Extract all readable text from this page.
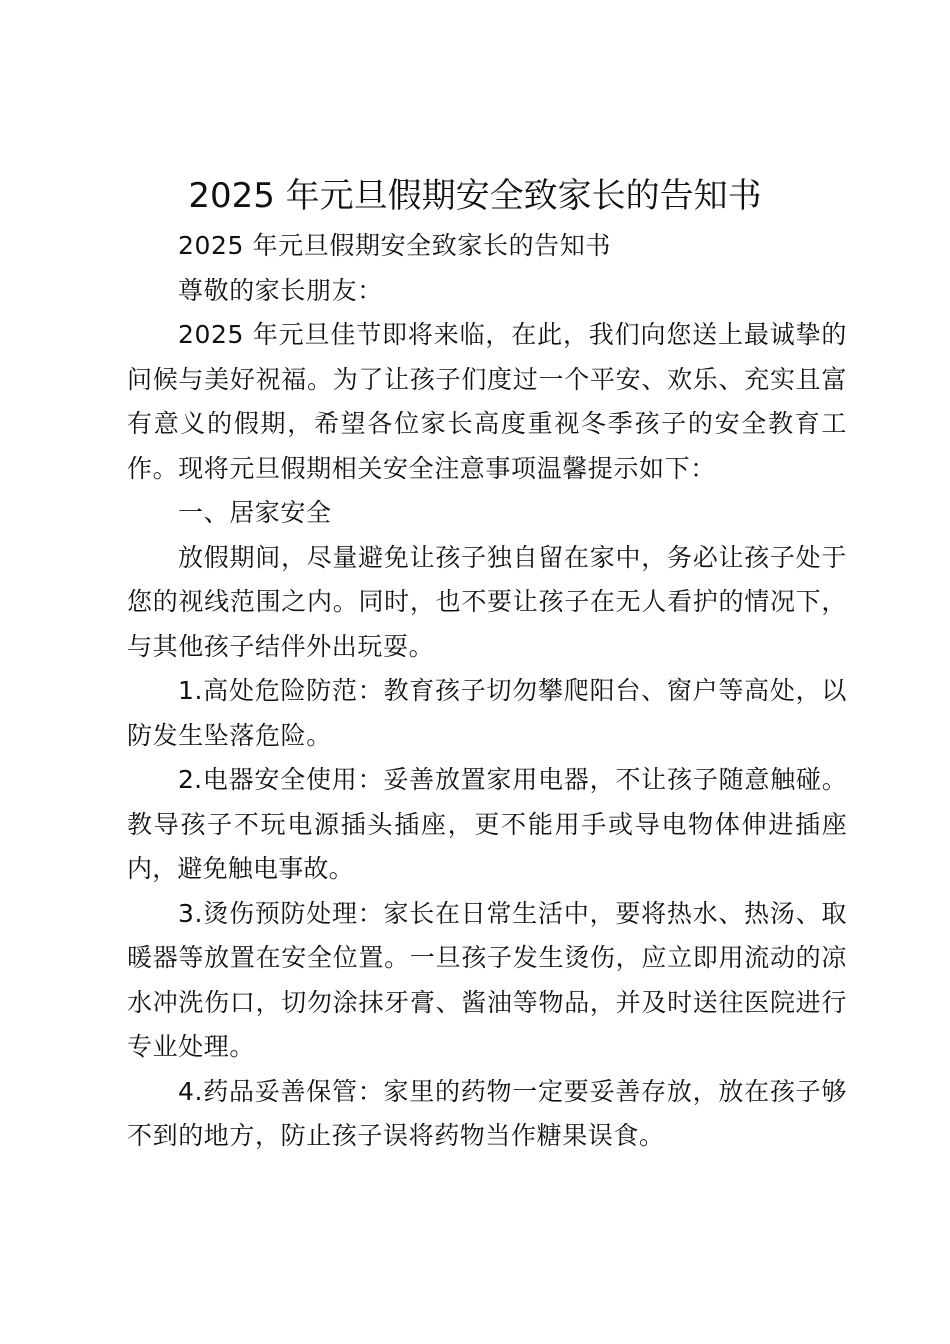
2025 年元旦假期安全致家长的告知书

2025 年元旦假期安全致家长的告知书

尊敬的家长朋友：

2025 年元旦佳节即将来临，在此，我们向您送上最诚挚的问候与美好祝福。为了让孩子们度过一个平安、欢乐、充实且富有意义的假期，希望各位家长高度重视冬季孩子的安全教育工作。现将元旦假期相关安全注意事项温馨提示如下：

一、居家安全

放假期间，尽量避免让孩子独自留在家中，务必让孩子处于您的视线范围之内。同时，也不要让孩子在无人看护的情况下，与其他孩子结伴外出玩耍。

1.高处危险防范：教育孩子切勿攀爬阳台、窗户等高处，以防发生坠落危险。

2.电器安全使用：妥善放置家用电器，不让孩子随意触碰。教导孩子不玩电源插头插座，更不能用手或导电物体伸进插座内，避免触电事故。

3.烫伤预防处理：家长在日常生活中，要将热水、热汤、取暖器等放置在安全位置。一旦孩子发生烫伤，应立即用流动的凉水冲洗伤口，切勿涂抹牙膏、酱油等物品，并及时送往医院进行专业处理。

4.药品妥善保管：家里的药物一定要妥善存放，放在孩子够不到的地方，防止孩子误将药物当作糖果误食。
